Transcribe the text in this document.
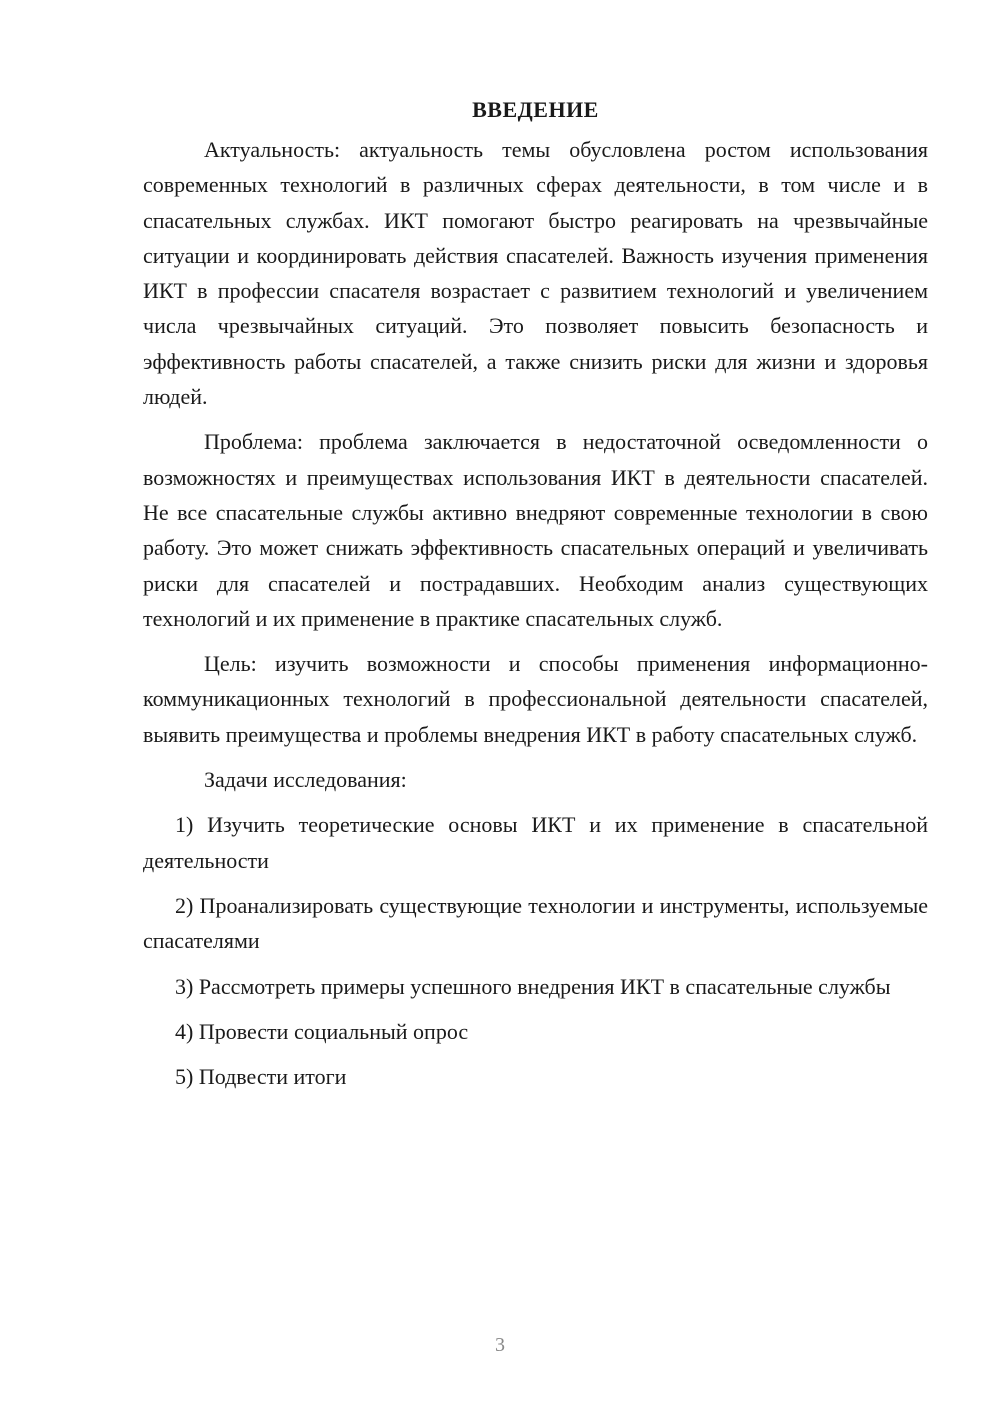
ВВЕДЕНИЕ

Актуальность: актуальность темы обусловлена ростом использования современных технологий в различных сферах деятельности, в том числе и в спасательных службах. ИКТ помогают быстро реагировать на чрезвычайные ситуации и координировать действия спасателей. Важность изучения применения ИКТ в профессии спасателя возрастает с развитием технологий и увеличением числа чрезвычайных ситуаций. Это позволяет повысить безопасность и эффективность работы спасателей, а также снизить риски для жизни и здоровья людей.

Проблема: проблема заключается в недостаточной осведомленности о возможностях и преимуществах использования ИКТ в деятельности спасателей. Не все спасательные службы активно внедряют современные технологии в свою работу. Это может снижать эффективность спасательных операций и увеличивать риски для спасателей и пострадавших. Необходим анализ существующих технологий и их применение в практике спасательных служб.

Цель: изучить возможности и способы применения информационно-коммуникационных технологий в профессиональной деятельности спасателей, выявить преимущества и проблемы внедрения ИКТ в работу спасательных служб.

Задачи исследования:

1) Изучить теоретические основы ИКТ и их применение в спасательной деятельности

2) Проанализировать существующие технологии и инструменты, используемые спасателями

3) Рассмотреть примеры успешного внедрения ИКТ в спасательные службы

4) Провести социальный опрос

5) Подвести итоги

3
